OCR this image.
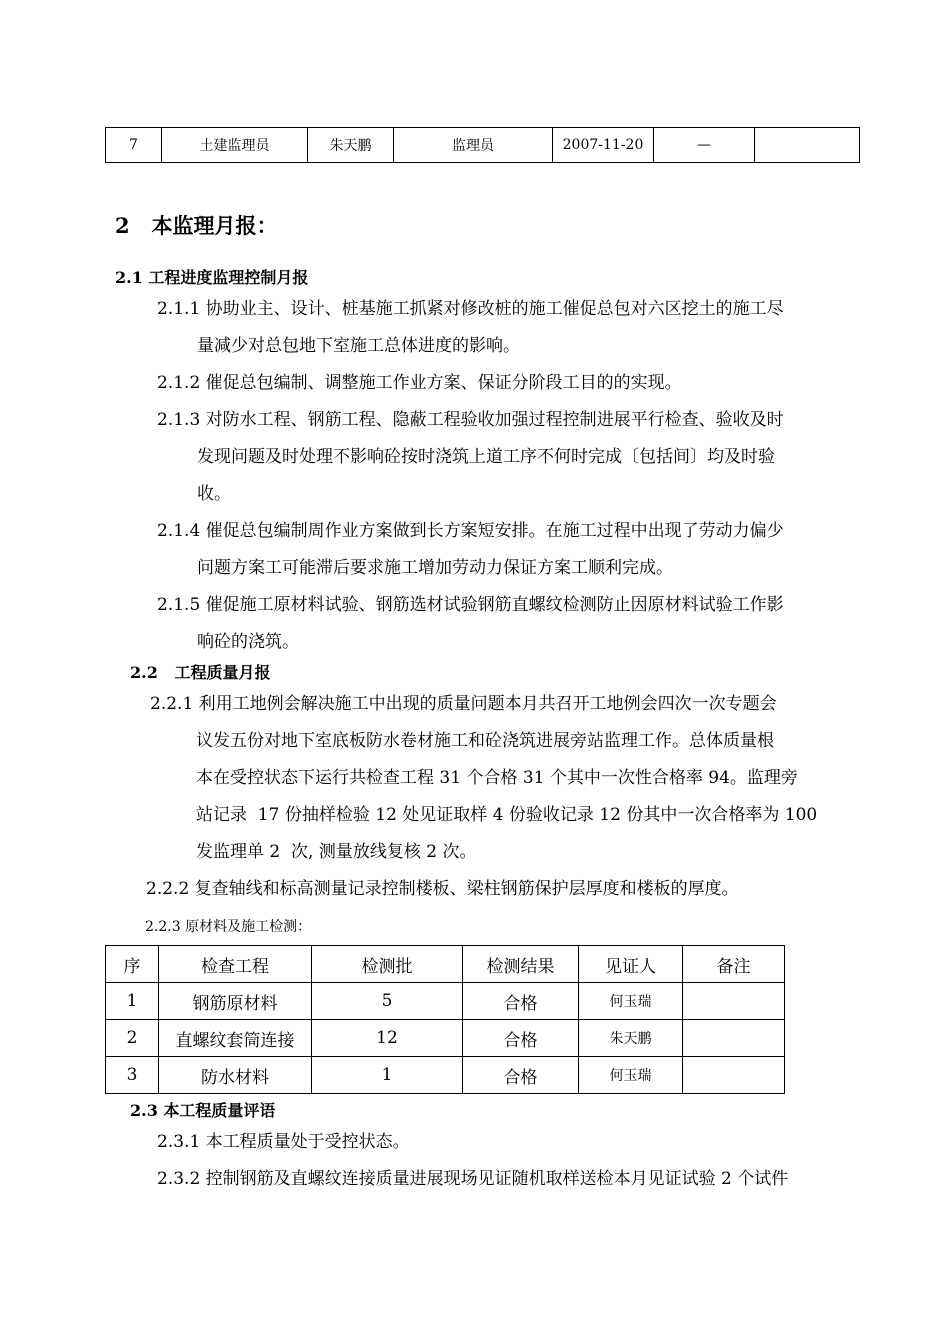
7	土建监理员	朱天鹏	监理员	2007-11-20	—	
2   本监理月报：
2.1 工程进度监理控制月报
2.1.1 协助业主、设计、桩基施工抓紧对修改桩的施工催促总包对六区挖土的施工尽
量减少对总包地下室施工总体进度的影响。
2.1.2 催促总包编制、调整施工作业方案、保证分阶段工目的的实现。
2.1.3 对防水工程、钢筋工程、隐蔽工程验收加强过程控制进展平行检查、验收及时
发现问题及时处理不影响砼按时浇筑上道工序不何时完成〔包括间〕均及时验
收。
2.1.4 催促总包编制周作业方案做到长方案短安排。在施工过程中出现了劳动力偏少
问题方案工可能滞后要求施工增加劳动力保证方案工顺利完成。
2.1.5 催促施工原材料试验、钢筋选材试验钢筋直螺纹检测防止因原材料试验工作影
响砼的浇筑。
2.2   工程质量月报
2.2.1 利用工地例会解决施工中出现的质量问题本月共召开工地例会四次一次专题会
议发五份对地下室底板防水卷材施工和砼浇筑进展旁站监理工作。总体质量根
本在受控状态下运行共检查工程 31 个合格 31 个其中一次性合格率 94。监理旁
站记录  17 份抽样检验 12 处见证取样 4 份验收记录 12 份其中一次合格率为 100
发监理单 2  次, 测量放线复核 2 次。
2.2.2 复查轴线和标高测量记录控制楼板、梁柱钢筋保护层厚度和楼板的厚度。
2.2.3 原材料及施工检测：
序	检查工程	检测批	检测结果	见证人	备注
1	钢筋原材料	5	合格	何玉瑞	
2	直螺纹套筒连接	12	合格	朱天鹏	
3	防水材料	1	合格	何玉瑞	
2.3 本工程质量评语
2.3.1 本工程质量处于受控状态。
2.3.2 控制钢筋及直螺纹连接质量进展现场见证随机取样送检本月见证试验 2 个试件
